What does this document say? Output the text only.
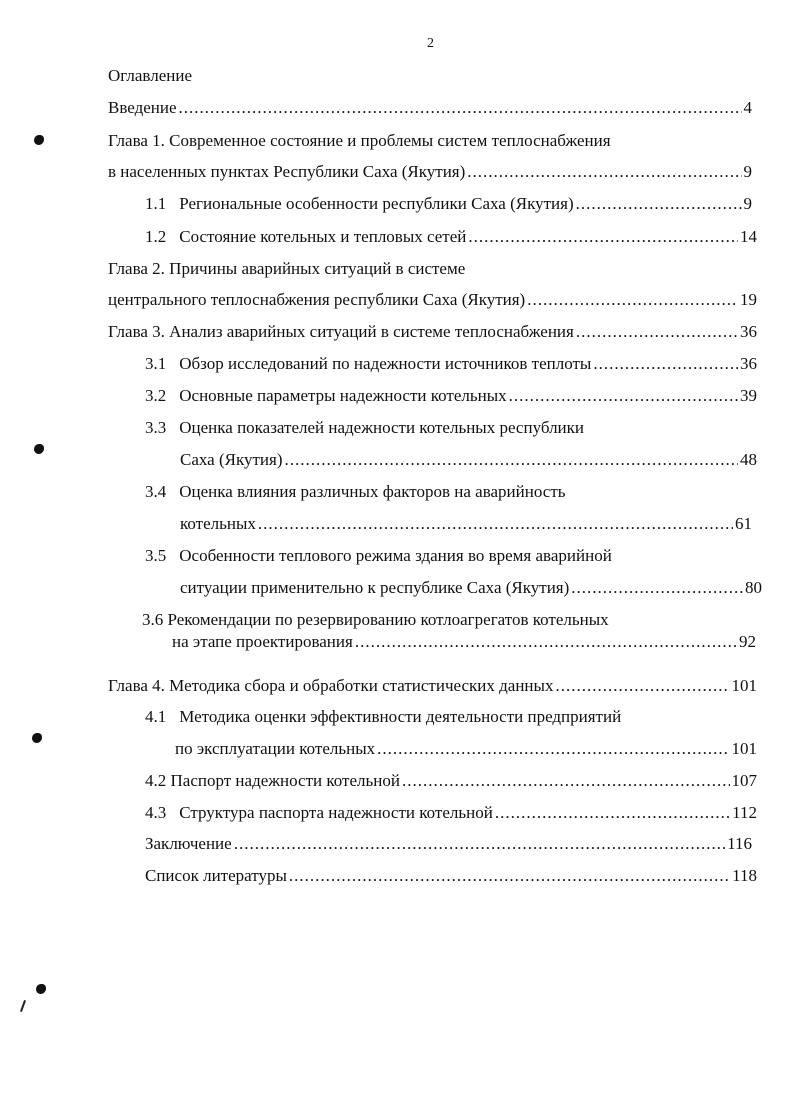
2
Оглавление
Введение .....	4
Глава 1. Современное состояние и проблемы систем теплоснабжения
в населенных пунктах Республики Саха (Якутия) .....	9
1.1 Региональные особенности республики Саха (Якутия) .....	9
1.2 Состояние котельных и тепловых сетей .....	14
Глава 2. Причины аварийных ситуаций в системе
центрального теплоснабжения республики Саха (Якутия) .....	19
Глава 3. Анализ аварийных ситуаций в системе теплоснабжения .....	36
3.1 Обзор исследований по надежности источников теплоты .....	36
3.2 Основные параметры надежности котельных .....	39
3.3 Оценка показателей надежности котельных республики
Саха (Якутия) .....	48
3.4 Оценка влияния различных факторов на аварийность
котельных .....	61
3.5 Особенности теплового режима здания во время аварийной
ситуации применительно к республике Саха (Якутия) .....	80
3.6 Рекомендации по резервированию котлоагрегатов котельных
на этапе проектирования .....	92
Глава 4. Методика сбора и обработки статистических данных .....	101
4.1 Методика оценки эффективности деятельности предприятий
по эксплуатации котельных .....	101
4.2 Паспорт надежности котельной .....	107
4.3 Структура паспорта надежности котельной .....	112
Заключение .....	116
Список литературы .....	118
